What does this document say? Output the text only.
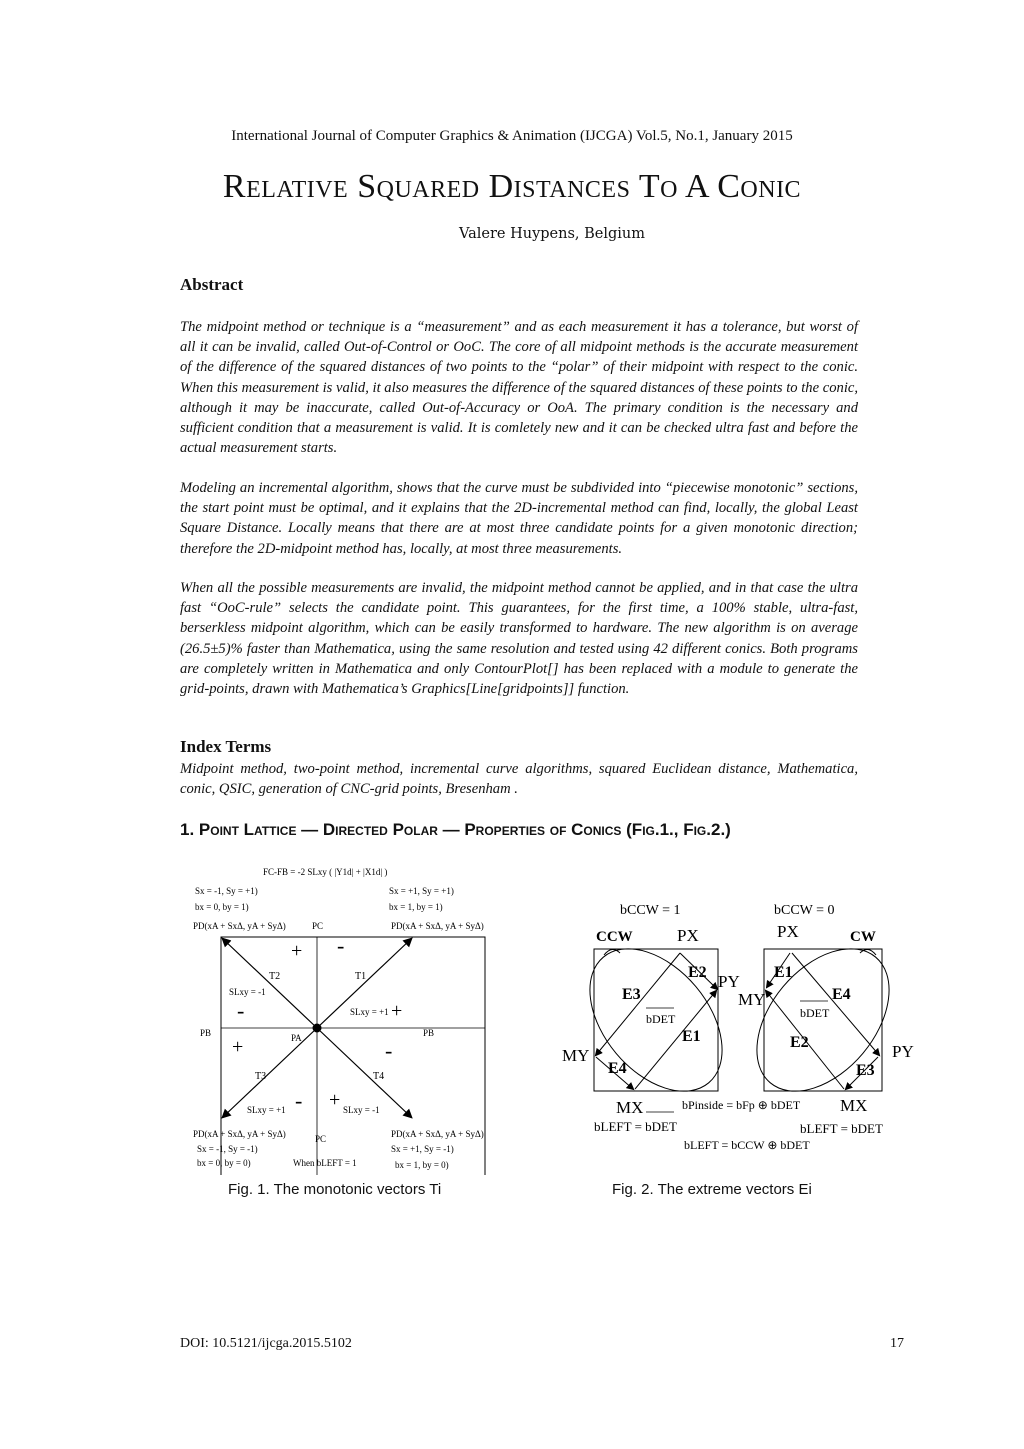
International Journal of Computer Graphics & Animation (IJCGA) Vol.5, No.1, January 2015
Relative Squared Distances To A Conic
Valere Huypens, Belgium
Abstract
The midpoint method or technique is a “measurement” and as each measurement it has a tolerance, but worst of all it can be invalid, called Out-of-Control or OoC. The core of all midpoint methods is the accurate measurement of the difference of the squared distances of two points to the “polar” of their midpoint with respect to the conic. When this measurement is valid, it also measures the difference of the squared distances of these points to the conic, although it may be inaccurate, called Out-of-Accuracy or OoA. The primary condition is the necessary and sufficient condition that a measurement is valid. It is comletely new and it can be checked ultra fast and before the actual measurement starts.
Modeling an incremental algorithm, shows that the curve must be subdivided into “piecewise monotonic” sections, the start point must be optimal, and it explains that the 2D-incremental method can find, locally, the global Least Square Distance. Locally means that there are at most three candidate points for a given monotonic direction; therefore the 2D-midpoint method has, locally, at most three measurements.
When all the possible measurements are invalid, the midpoint method cannot be applied, and in that case the ultra fast “OoC-rule” selects the candidate point. This guarantees, for the first time, a 100% stable, ultra-fast, berserkless midpoint algorithm, which can be easily transformed to hardware. The new algorithm is on average (26.5±5)% faster than Mathematica, using the same resolution and tested using 42 different conics. Both programs are completely written in Mathematica and only ContourPlot[] has been replaced with a module to generate the grid-points, drawn with Mathematica’s Graphics[Line[gridpoints]] function.
Index Terms
Midpoint method, two-point method, incremental curve algorithms, squared Euclidean distance, Mathematica, conic, QSIC, generation of CNC-grid points, Bresenham .
1. Point Lattice — Directed Polar — Properties of Conics (Fig.1., Fig.2.)
FC-FB = -2 SLxy ( |Y1d| + |X1d| )
Sx = -1, Sy = +1)
bx = 0, by = 1)
Sx = +1, Sy = +1)
bx = 1, by = 1)
PD(xA + SxΔ, yA + SyΔ)	PD(xA + SxΔ, yA + SyΔ)
PC
+ -
T2	T1
SLxy = -1
-	SLxy = +1 +
PB	PB
PA
+	-
T3	T4
- +
SLxy = +1	SLxy = -1
PD(xA + SxΔ, yA + SyΔ)	PD(xA + SxΔ, yA + SyΔ)
PC
Sx = -1, Sy = -1)	Sx = +1, Sy = -1)
bx = 0, by = 0)	When bLEFT = 1	bx = 1, by = 0)
bCCW = 1	bCCW = 0
CCW	PX	PX	CW
E2 PY
E3
bDET
E1
MY
E4
MX
E1
MY	E4
bDET
E2	PY
E3
MX
bPinside = bFp ⊕ bDET
bLEFT = bDET	bLEFT = bDET
bLEFT = bCCW ⊕ bDET
Fig. 1. The monotonic vectors Ti	Fig. 2. The extreme vectors Ei
DOI: 10.5121/ijcga.2015.5102	17
